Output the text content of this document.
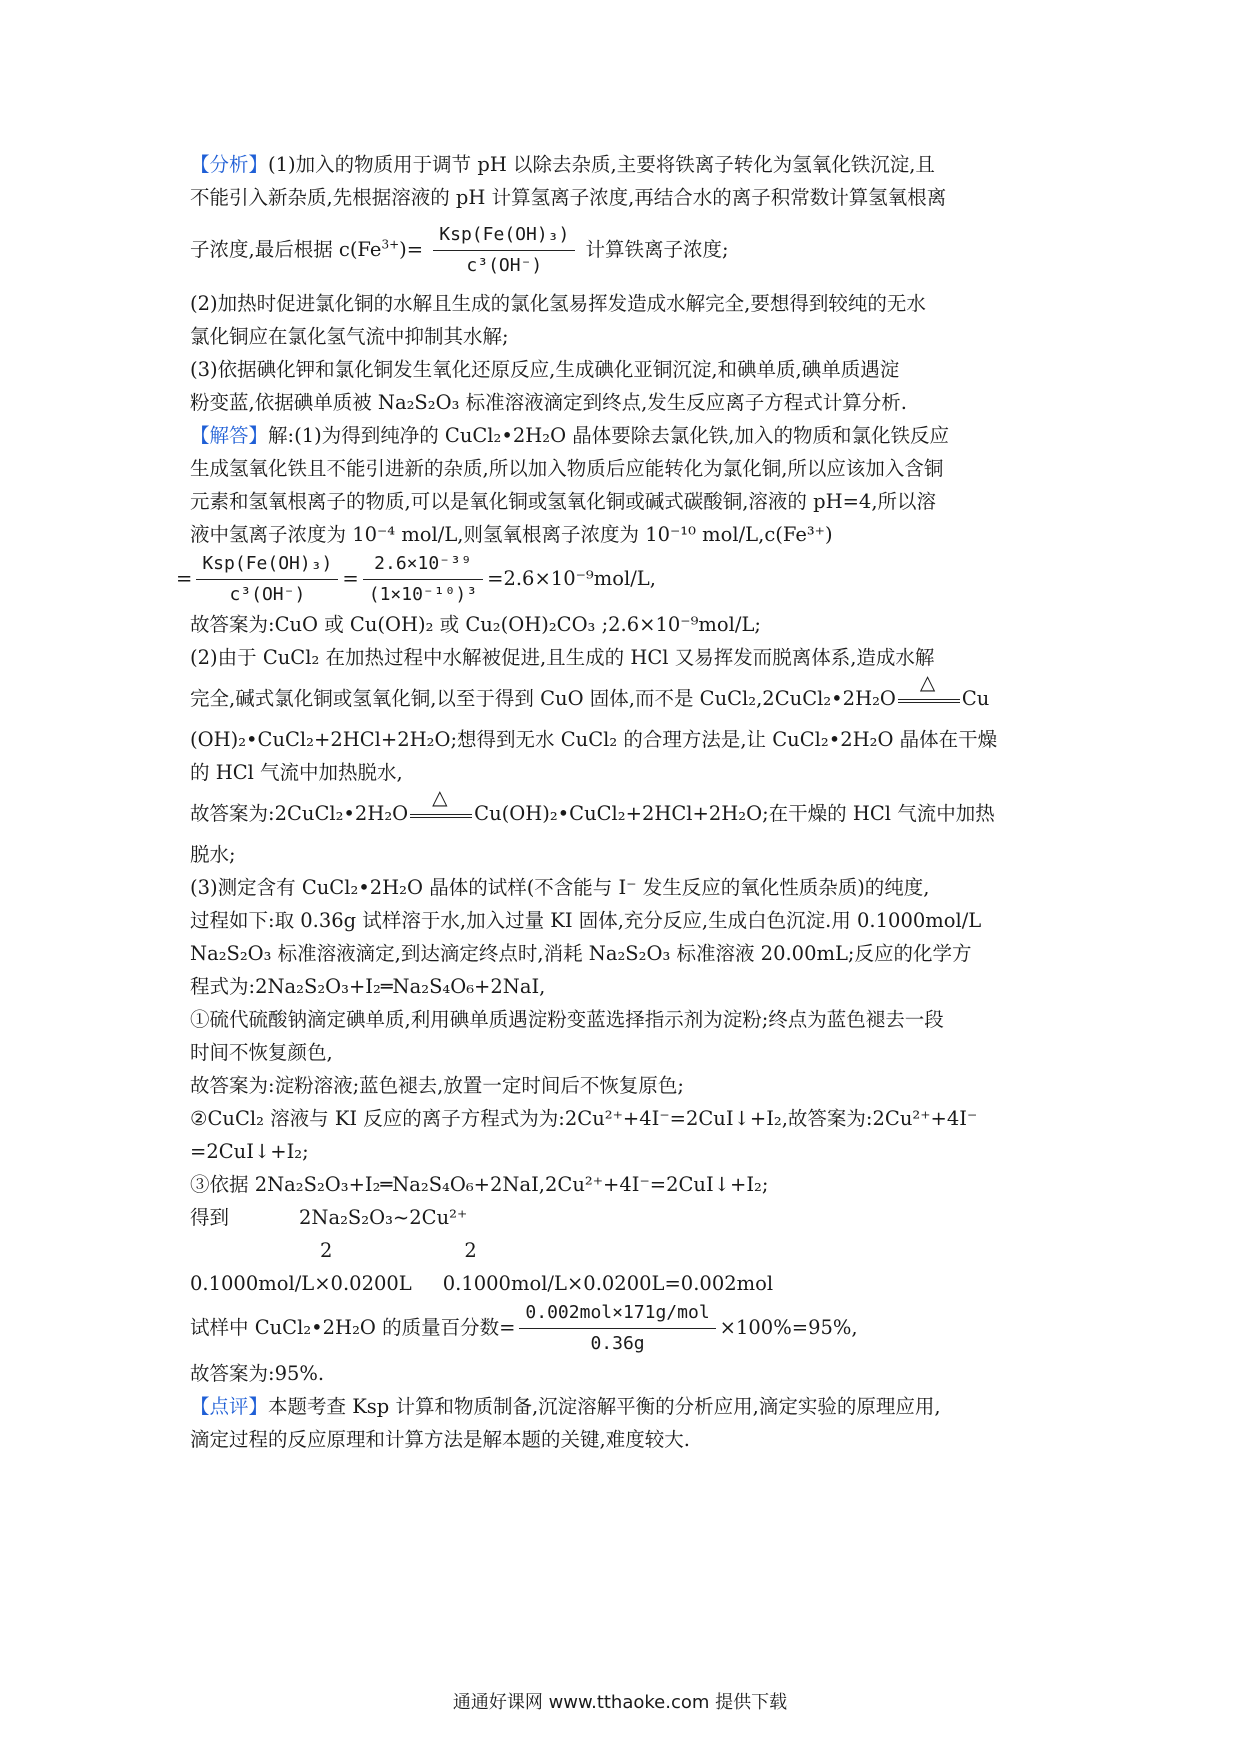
【分析】(1)加入的物质用于调节 pH 以除去杂质,主要将铁离子转化为氢氧化铁沉淀,且
不能引入新杂质,先根据溶液的 pH 计算氢离子浓度,再结合水的离子积常数计算氢氧根离
子浓度,最后根据 $c(Fe^{3+})= \frac{\text{Ksp(Fe(OH)₃)}}{\text{c³(OH⁻)}}$ 计算铁离子浓度;
(2)加热时促进氯化铜的水解且生成的氯化氢易挥发造成水解完全,要想得到较纯的无水
氯化铜应在氯化氢气流中抑制其水解;
(3)依据碘化钾和氯化铜发生氧化还原反应,生成碘化亚铜沉淀,和碘单质,碘单质遇淀
粉变蓝,依据碘单质被 Na₂S₂O₃ 标准溶液滴定到终点,发生反应离子方程式计算分析.
【解答】解:(1)为得到纯净的 CuCl₂•2H₂O 晶体要除去氯化铁,加入的物质和氯化铁反应
生成氢氧化铁且不能引进新的杂质,所以加入物质后应能转化为氯化铜,所以应该加入含铜
元素和氢氧根离子的物质,可以是氧化铜或氢氧化铜或碱式碳酸铜,溶液的 pH=4,所以溶
液中氢离子浓度为 10⁻⁴ mol/L,则氢氧根离子浓度为 10⁻¹⁰ mol/L,c(Fe³⁺)
= $\frac{\text{Ksp(Fe(OH)₃)}}{\text{c³(OH⁻)}} = \frac{\text{2.6×10⁻³⁹}}{\text{(1×10⁻¹⁰)³}} =2.6\times 10^{-9}mol/L$,
故答案为:CuO 或 Cu(OH)₂ 或 Cu₂(OH)₂CO₃ ;2.6×10⁻⁹mol/L;
(2)由于 CuCl₂ 在加热过程中水解被促进,且生成的 HCl 又易挥发而脱离体系,造成水解
完全,碱式氯化铜或氢氧化铜,以至于得到 CuO 固体,而不是 CuCl₂,2CuCl₂•2H₂O
△
Cu
(OH)₂•CuCl₂+2HCl+2H₂O;想得到无水 CuCl₂ 的合理方法是,让 CuCl₂•2H₂O 晶体在干燥
的 HCl 气流中加热脱水,
故答案为:2CuCl₂•2H₂O
△
Cu(OH)₂•CuCl₂+2HCl+2H₂O;在干燥的 HCl 气流中加热
脱水;
(3)测定含有 CuCl₂•2H₂O 晶体的试样(不含能与 I⁻ 发生反应的氧化性质杂质)的纯度,
过程如下:取 0.36g 试样溶于水,加入过量 KI 固体,充分反应,生成白色沉淀.用 0.1000mol/L
Na₂S₂O₃ 标准溶液滴定,到达滴定终点时,消耗 Na₂S₂O₃ 标准溶液 20.00mL;反应的化学方
程式为:2Na₂S₂O₃+I₂═Na₂S₄O₆+2NaI,
①硫代硫酸钠滴定碘单质,利用碘单质遇淀粉变蓝选择指示剂为淀粉;终点为蓝色褪去一段
时间不恢复颜色,
故答案为:淀粉溶液;蓝色褪去,放置一定时间后不恢复原色;
②CuCl₂ 溶液与 KI 反应的离子方程式为为:2Cu²⁺+4I⁻=2CuI↓+I₂,故答案为:2Cu²⁺+4I⁻
=2CuI↓+I₂;
③依据 2Na₂S₂O₃+I₂═Na₂S₄O₆+2NaI,2Cu²⁺+4I⁻=2CuI↓+I₂;
得到	2Na₂S₂O₃~2Cu²⁺
2	2
0.1000mol/L×0.0200L     0.1000mol/L×0.0200L=0.002mol
试样中 CuCl₂•2H₂O 的质量百分数= $\frac{\text{0.002mol×171g/mol}}{0.36g} \times 100\%=95\%$,
故答案为:95%.
【点评】本题考查 Ksp 计算和物质制备,沉淀溶解平衡的分析应用,滴定实验的原理应用,
滴定过程的反应原理和计算方法是解本题的关键,难度较大.
通通好课网 www.tthaoke.com 提供下载
